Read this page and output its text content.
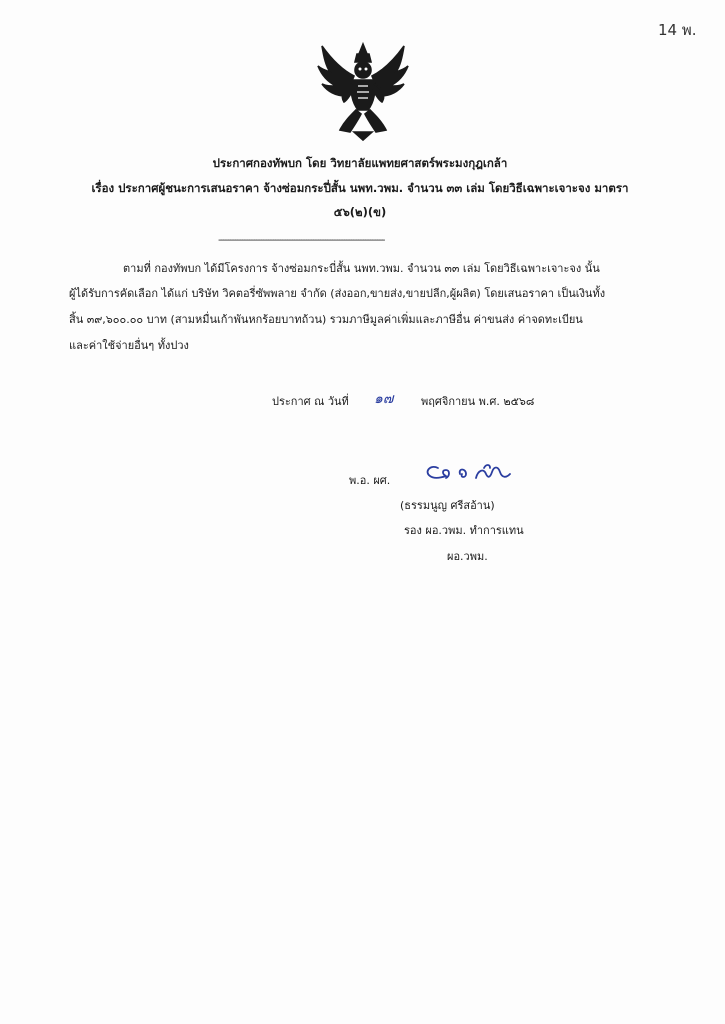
14 พ.
ประกาศกองทัพบก โดย วิทยาลัยแพทยศาสตร์พระมงกุฎเกล้า
เรื่อง ประกาศผู้ชนะการเสนอราคา จ้างซ่อมกระปี่สั้น นพท.วพม. จำนวน ๓๓ เล่ม โดยวิธีเฉพาะเจาะจง มาตรา
๕๖(๒)(ข)
----------------------------------------------------------------------
ตามที่ กองทัพบก ได้มีโครงการ จ้างซ่อมกระบี่สั้น นพท.วพม. จำนวน ๓๓ เล่ม โดยวิธีเฉพาะเจาะจง นั้น
ผู้ได้รับการคัดเลือก ได้แก่ บริษัท วิคตอรี่ซัพพลาย จำกัด (ส่งออก,ขายส่ง,ขายปลีก,ผู้ผลิต) โดยเสนอราคา เป็นเงินทั้ง
สิ้น ๓๙,๖๐๐.๐๐ บาท (สามหมื่นเก้าพันหกร้อยบาทถ้วน) รวมภาษีมูลค่าเพิ่มและภาษีอื่น ค่าขนส่ง ค่าจดทะเบียน
และค่าใช้จ่ายอื่นๆ ทั้งปวง
ประกาศ ณ วันที่ ๑๗	พฤศจิกายน พ.ศ. ๒๕๖๘
พ.อ. ผศ.
(ธรรมนูญ ศรีสอ้าน)
รอง ผอ.วพม. ทำการแทน
ผอ.วพม.
